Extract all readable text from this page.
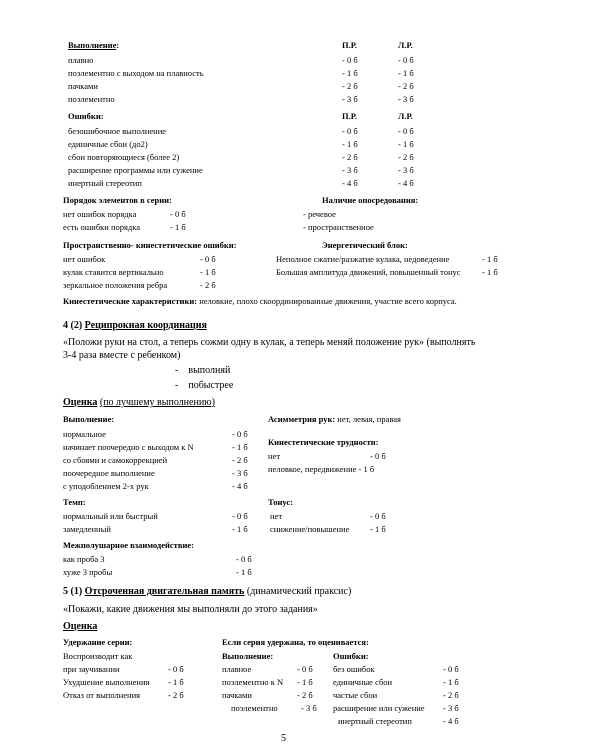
Выполнение:	П.Р.	Л.Р.
плавно	- 0 б	- 0 б
поэлементно с выходом на плавность	- 1 б	- 1 б
пачками	- 2 б	- 2 б
поэлементно	- 3 б	- 3 б
Ошибки:	П.Р.	Л.Р.
безошибочное выполнение	- 0 б	- 0 б
единичные сбои (до2)	- 1 б	- 1 б
сбои повторяющиеся (более 2)	- 2 б	- 2 б
расширение программы или сужение	- 3 б	- 3 б
инертный стереотип	- 4 б	- 4 б
Порядок элементов в серии:
нет ошибок порядка	- 0 б
есть ошибки порядка	- 1 б
Наличие опосредования:
- речевое
- пространственное
Пространственно- кинестетические ошибки:
нет ошибок	- 0 б
кулак ставится вертикально	- 1 б
зеркальное положения ребра	- 2 б
Энергетический блок:
Неполное сжатие/разжатие кулака, недоведение	- 1 б
Большая амплитуда движений, повышенный тонус	- 1 б
Кинестетические характеристики: неловкие, плохо скоординированные движения, участие всего корпуса.
4 (2) Реципрокная координация
«Положи руки на стол, а теперь сожми одну в кулак, а теперь меняй положение рук» (выполнять
3-4 раза вместе с ребенком)
-    выполняй
-    побыстрее
Оценка (по лучшему выполнению)
Выполнение:
нормальное	- 0 б
начинает поочередно с выходом к N	- 1 б
со сбоями и самокоррекцией	- 2 б
поочередное выполнение	- 3 б
с уподоблением 2-х рук	- 4 б
Асимметрия рук: нет, левая, правая
Кинестетические трудности:
нет	- 0 б
неловкое, передвижение - 1 б
Темп:
нормальный или быстрый	- 0 б
замедленный	- 1 б
Тонус:
нет	- 0 б
снижение/повышение - 1 б
Межполушарное взаимодействие:
как проба 3	- 0 б
хуже 3 пробы	- 1 б
5 (1) Отсроченная двигательная память (динамический праксис)
«Покажи, какие движения мы выполняли до этого задания»
Оценка
Удержание серии:
Воспроизводит как
при заучивании	- 0 б
Ухудшение выполнения - 1 б
Отказ от выполнения	- 2 б
Если серия удержана, то оценивается:
Выполнение:
плавное	- 0 б
поэлементно к N - 1 б
пачками	- 2 б
поэлементно	- 3 б
Ошибки:
без ошибок	- 0 б
единичные сбои	- 1 б
частые сбои	- 2 б
расширение или сужение - 3 б
инертный стереотип	- 4 б
5
